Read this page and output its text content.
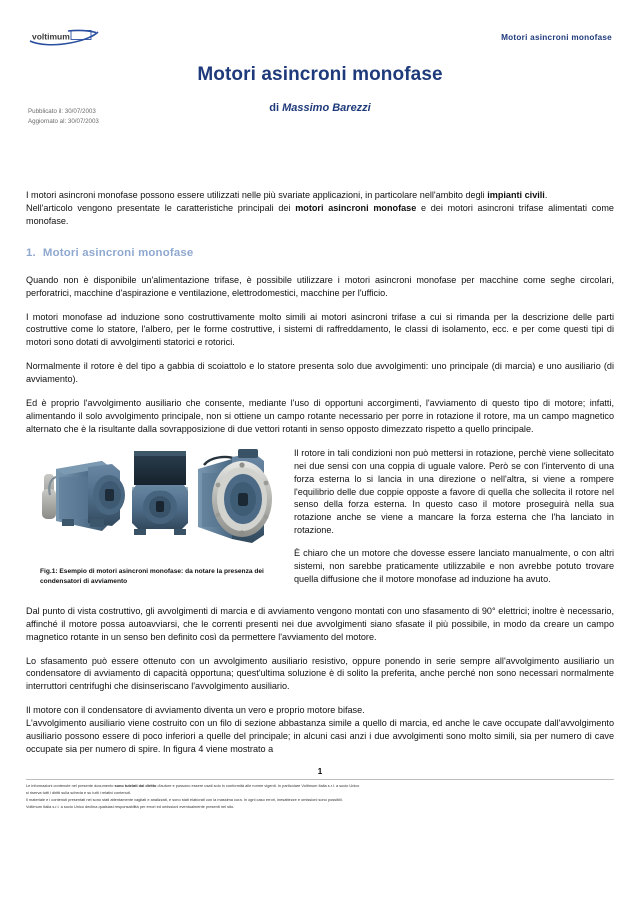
voltimum	Motori asincroni monofase
Motori asincroni monofase

di Massimo Barezzi

Pubblicato il: 30/07/2003
Aggiornato al: 30/07/2003

I motori asincroni monofase possono essere utilizzati nelle più svariate applicazioni, in particolare nell'ambito degli impianti civili.

Nell'articolo vengono presentate le caratteristiche principali dei motori asincroni monofase e dei motori asincroni trifase alimentati come monofase.

1. Motori asincroni monofase

Quando non è disponibile un'alimentazione trifase, è possibile utilizzare i motori asincroni monofase per macchine come seghe circolari, perforatrici, macchine d'aspirazione e ventilazione, elettrodomestici, macchine per l'ufficio.

I motori monofase ad induzione sono costruttivamente molto simili ai motori asincroni trifase a cui si rimanda per la descrizione delle parti costruttive come lo statore, l'albero, per le forme costruttive, i sistemi di raffreddamento, le classi di isolamento, ecc. e per come questi tipi di motori sono dotati di avvolgimenti statorici e rotorici.

Normalmente il rotore è del tipo a gabbia di scoiattolo e lo statore presenta solo due avvolgimenti: uno principale (di marcia) e uno ausiliario (di avviamento).

Ed è proprio l'avvolgimento ausiliario che consente, mediante l'uso di opportuni accorgimenti, l'avviamento di questo tipo di motore; infatti, alimentando il solo avvolgimento principale, non si ottiene un campo rotante necessario per porre in rotazione il rotore, ma un campo magnetico alternato che è la risultante dalla sovrapposizione di due vettori rotanti in senso opposto dimezzato rispetto a quello principale.

Fig.1: Esempio di motori asincroni monofase: da notare la presenza dei condensatori di avviamento

Il rotore in tali condizioni non può mettersi in rotazione, perchè viene sollecitato nei due sensi con una coppia di uguale valore. Però se con l'intervento di una forza esterna lo si lancia in una direzione o nell'altra, si viene a rompere l'equilibrio delle due coppie opposte a favore di quella che sollecita il rotore nel senso della forza esterna. In questo caso il motore proseguirà nella sua rotazione anche se viene a mancare la forza esterna che l'ha lanciato in rotazione.

È chiaro che un motore che dovesse essere lanciato manualmente, o con altri sistemi, non sarebbe praticamente utilizzabile e non avrebbe potuto trovare quella diffusione che il motore monofase ad induzione ha avuto.

Dal punto di vista costruttivo, gli avvolgimenti di marcia e di avviamento vengono montati con uno sfasamento di 90° elettrici; inoltre è necessario, affinché il motore possa autoavviarsi, che le correnti presenti nei due avvolgimenti siano sfasate il più possibile, in modo da creare un campo magnetico rotante in un senso ben definito così da permettere l'avviamento del motore.

Lo sfasamento può essere ottenuto con un avvolgimento ausiliario resistivo, oppure ponendo in serie sempre all'avvolgimento ausiliario un condensatore di avviamento di capacità opportuna; quest'ultima soluzione è di solito la preferita, anche perché non sono necessari normalmente interruttori centrifughi che disinseriscano l'avvolgimento ausiliario.

Il motore con il condensatore di avviamento diventa un vero e proprio motore bifase.

L'avvolgimento ausiliario viene costruito con un filo di sezione abbastanza simile a quello di marcia, ed anche le cave occupate dall'avvolgimento ausiliario possono essere di poco inferiori a quelle del principale; in alcuni casi anzi i due avvolgimenti sono molto simili, sia per numero di cave occupate sia per numero di spire. In figura 4 viene mostrato a

1

Le informazioni contenute nel presente documento sono tutelati dal diritto d'autore e possono essere usati solo in conformità alle norme vigenti. In particolare Voltimum Italia s.r.l. a socio Unico

si riserva tutti i diritti sulla scheda e su tutti i relativi contenuti.

Il materiale e i contenuti presentati nel sono stati attentamente vagliati e analizzati, e sono stati elaborati con la massima cura. In ogni caso errori, inesattezze e omissioni sono possibili.

Voltimum Italia s.r.l. a socio Unico declina qualsiasi responsabilità per errori ed omissioni eventualmente presenti nel sito.
